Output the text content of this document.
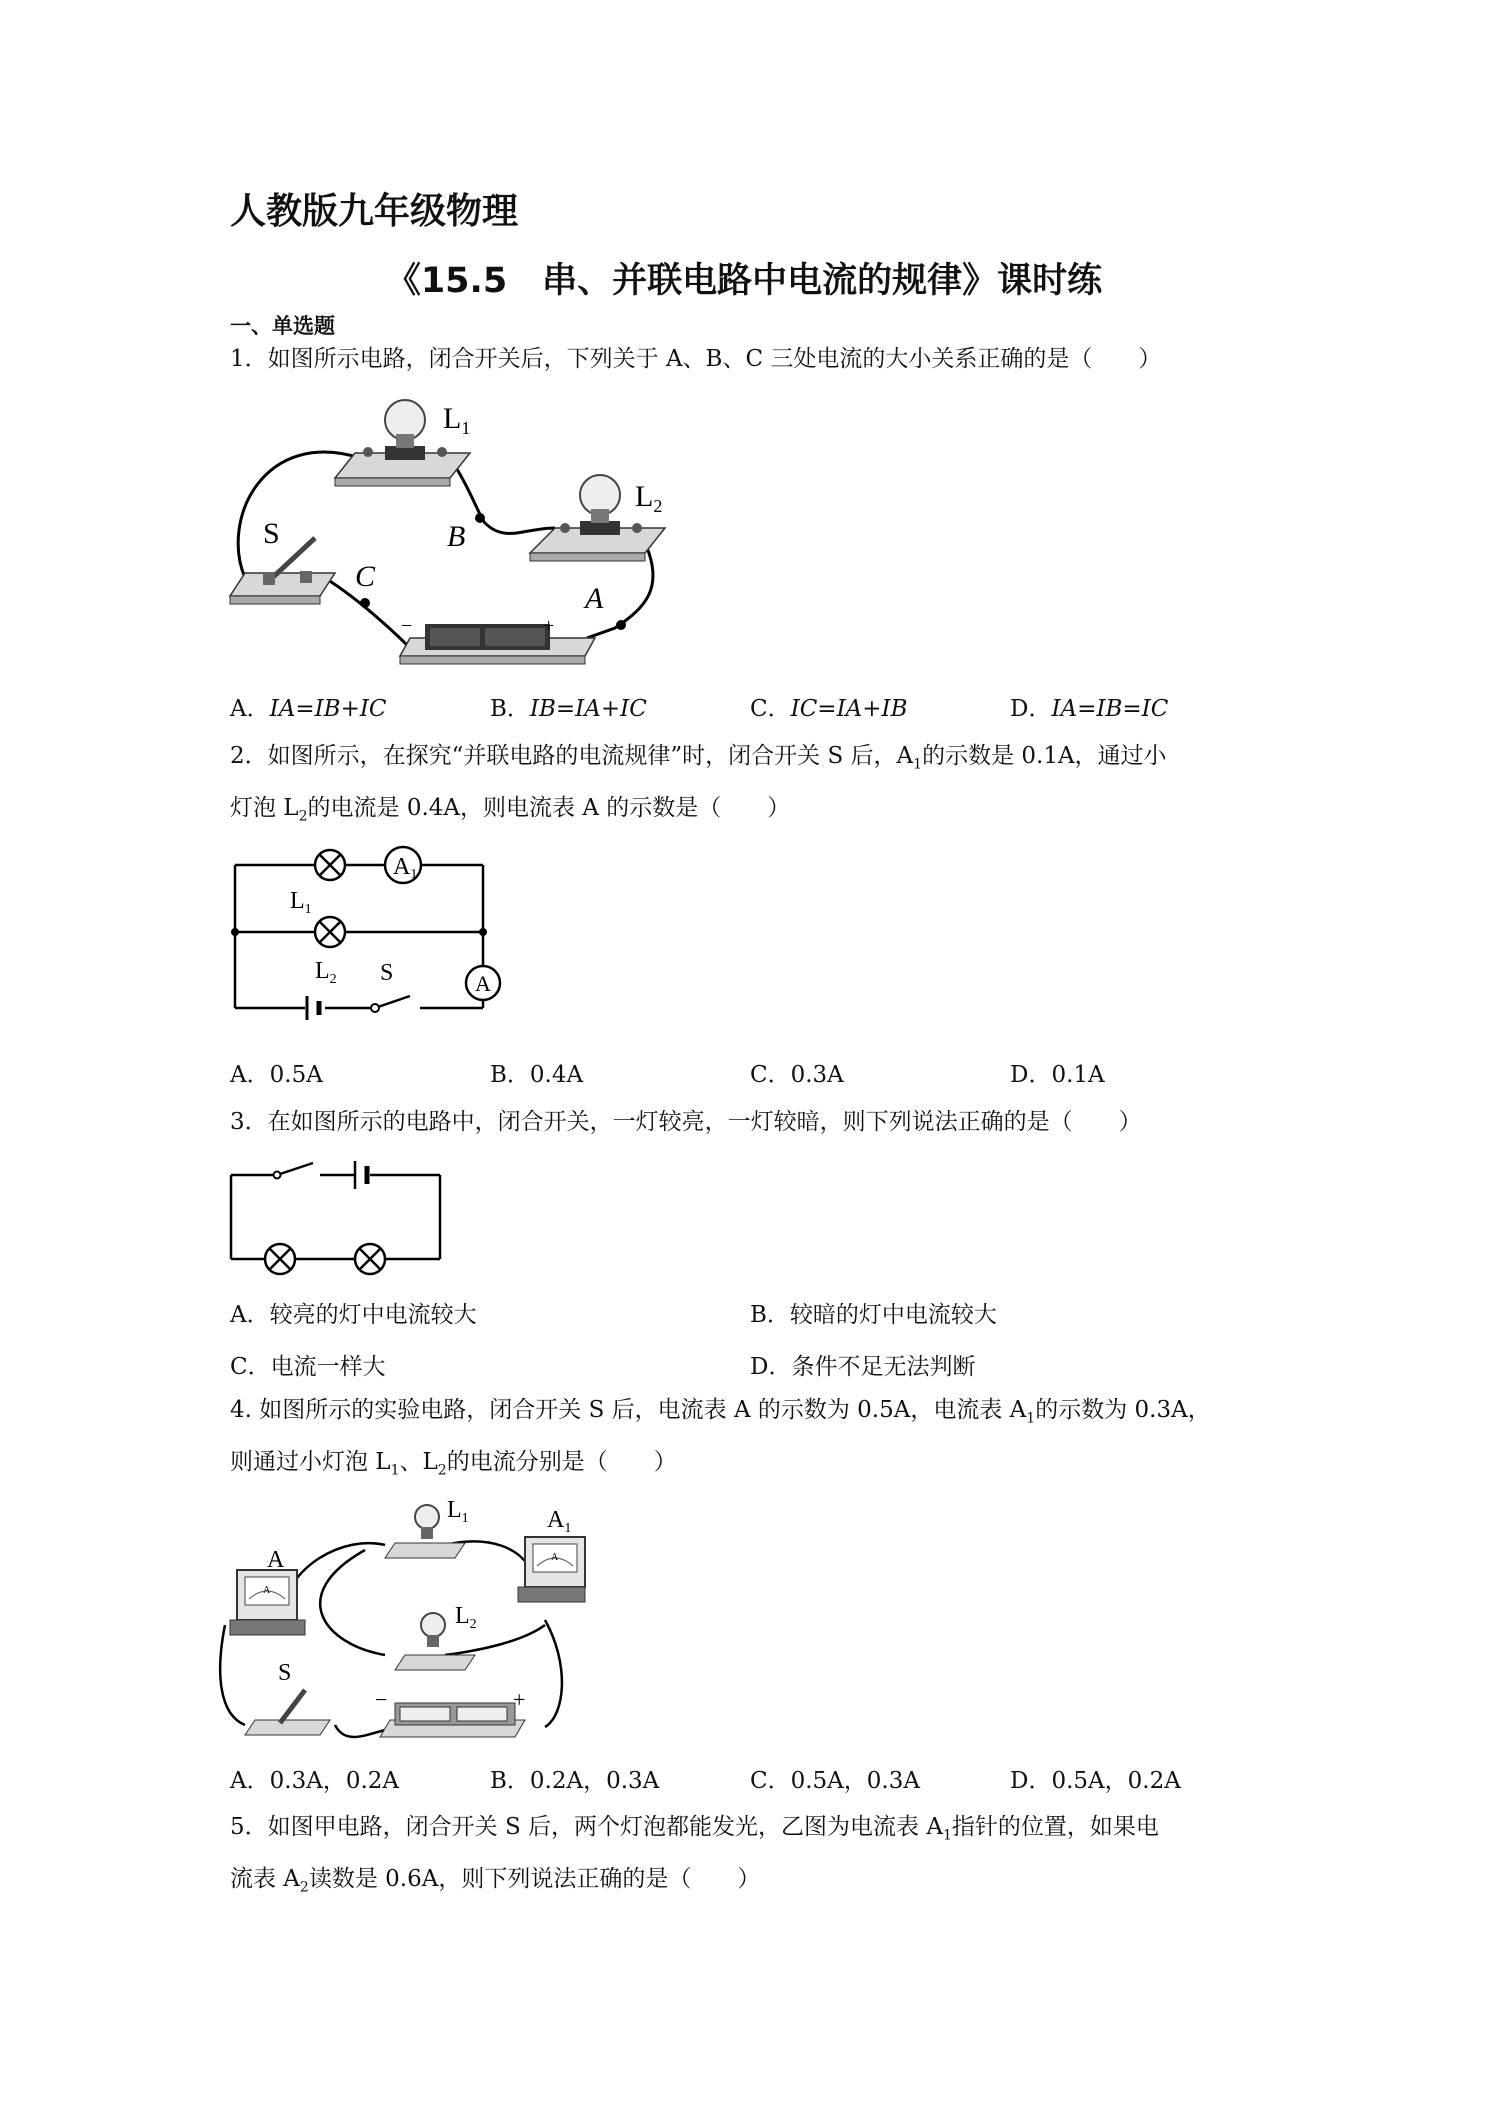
人教版九年级物理
《15.5　串、并联电路中电流的规律》课时练
一、单选题
1．如图所示电路，闭合开关后，下列关于 A、B、C 三处电流的大小关系正确的是（　　）
$L_1$
$L_2$
S	B
C
A
−	+
A．IA=IB+IC	B．IB=IA+IC	C．IC=IA+IB	D．IA=IB=IC
2．如图所示，在探究“并联电路的电流规律”时，闭合开关 S 后，$A_1$的示数是 0.1A，通过小
灯泡 $L_2$的电流是 0.4A，则电流表 A 的示数是（　　）
A1
$L_1$
$L_2$ S	A
A．0.5A	B．0.4A	C．0.3A	D．0.1A
3．在如图所示的电路中，闭合开关，一灯较亮，一灯较暗，则下列说法正确的是（　　）
A．较亮的灯中电流较大	B．较暗的灯中电流较大
C．电流一样大	D．条件不足无法判断
4. 如图所示的实验电路，闭合开关 S 后，电流表 A 的示数为 0.5A，电流表 $A_1$的示数为 0.3A，
则通过小灯泡 $L_1$、$L_2$的电流分别是（　　）
A
A
A
$A_1$
$L_1$
$L_2$
S
−	+
A．0.3A，0.2A	B．0.2A，0.3A	C．0.5A，0.3A	D．0.5A，0.2A
5．如图甲电路，闭合开关 S 后，两个灯泡都能发光，乙图为电流表 $A_1$指针的位置，如果电
流表 $A_2$读数是 0.6A，则下列说法正确的是（　　）
